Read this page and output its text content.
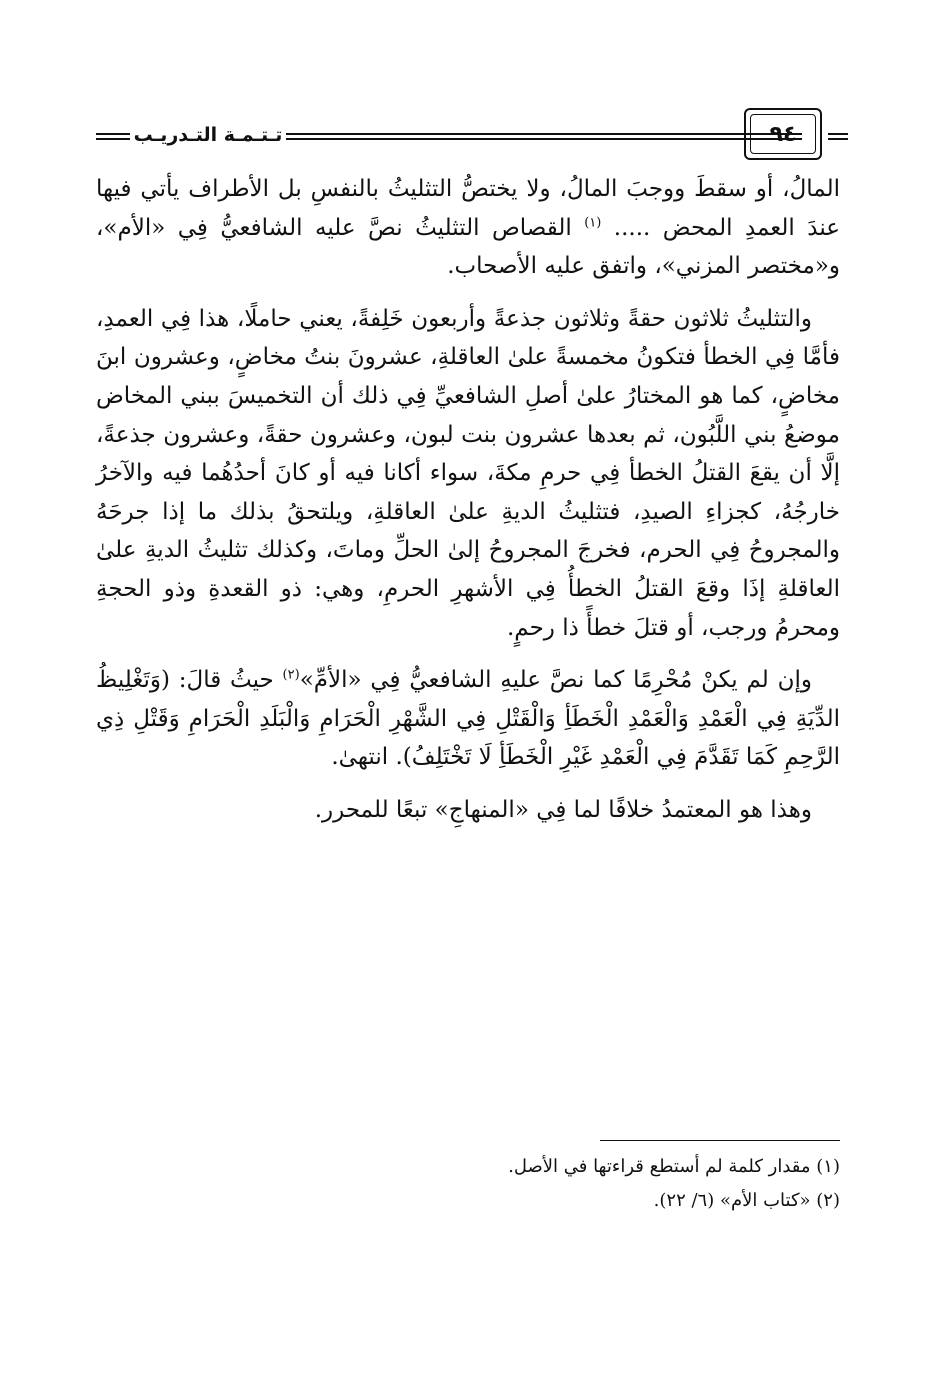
تـتـمـة التـدريـب	٩٤

المالُ، أو سقطَ ووجبَ المالُ، ولا يختصُّ التثليثُ بالنفسِ بل الأطراف يأتي فيها عندَ العمدِ المحض ..... $^{(١)}$ القصاص التثليثُ نصَّ عليه الشافعيُّ فِي «الأم»، و«مختصر المزني»، واتفق عليه الأصحاب.

والتثليثُ ثلاثون حقةً وثلاثون جذعةً وأربعون خَلِفةً، يعني حاملًا، هذا فِي العمدِ، فأمَّا فِي الخطأ فتكونُ مخمسةً علىٰ العاقلةِ، عشرونَ بنتُ مخاضٍ، وعشرون ابنَ مخاضٍ، كما هو المختارُ علىٰ أصلِ الشافعيِّ فِي ذلك أن التخميسَ ببني المخاض موضعُ بني اللَّبُون، ثم بعدها عشرون بنت لبون، وعشرون حقةً، وعشرون جذعةً، إلَّا أن يقعَ القتلُ الخطأ فِي حرمِ مكةَ، سواء أكانا فيه أو كانَ أحدُهُما فيه والآخرُ خارجُهُ، كجزاءِ الصيدِ، فتثليثُ الديةِ علىٰ العاقلةِ، ويلتحقُ بذلك ما إذا جرحَهُ والمجروحُ فِي الحرم، فخرجَ المجروحُ إلىٰ الحلِّ وماتَ، وكذلك تثليثُ الديةِ علىٰ العاقلةِ إذَا وقعَ القتلُ الخطأُ فِي الأشهرِ الحرمِ، وهي: ذو القعدةِ وذو الحجةِ ومحرمُ ورجب، أو قتلَ خطأً ذا رحمٍ.

وإن لم يكنْ مُحْرِمًا كما نصَّ عليهِ الشافعيُّ فِي «الأمِّ»$^{(٢)}$ حيثُ قالَ: (وَتَغْلِيظُ الدِّيَةِ فِي الْعَمْدِ وَالْعَمْدِ الْخَطَأِ وَالْقَتْلِ فِي الشَّهْرِ الْحَرَامِ وَالْبَلَدِ الْحَرَامِ وَقَتْلِ ذِي الرَّحِمِ كَمَا تَقَدَّمَ فِي الْعَمْدِ غَيْرِ الْخَطَأِ لَا تَخْتَلِفُ). انتهىٰ.

وهذا هو المعتمدُ خلافًا لما فِي «المنهاجِ» تبعًا للمحرر.

(١) مقدار كلمة لم أستطع قراءتها في الأصل.
(٢) «كتاب الأم» (٦/ ٢٢).
